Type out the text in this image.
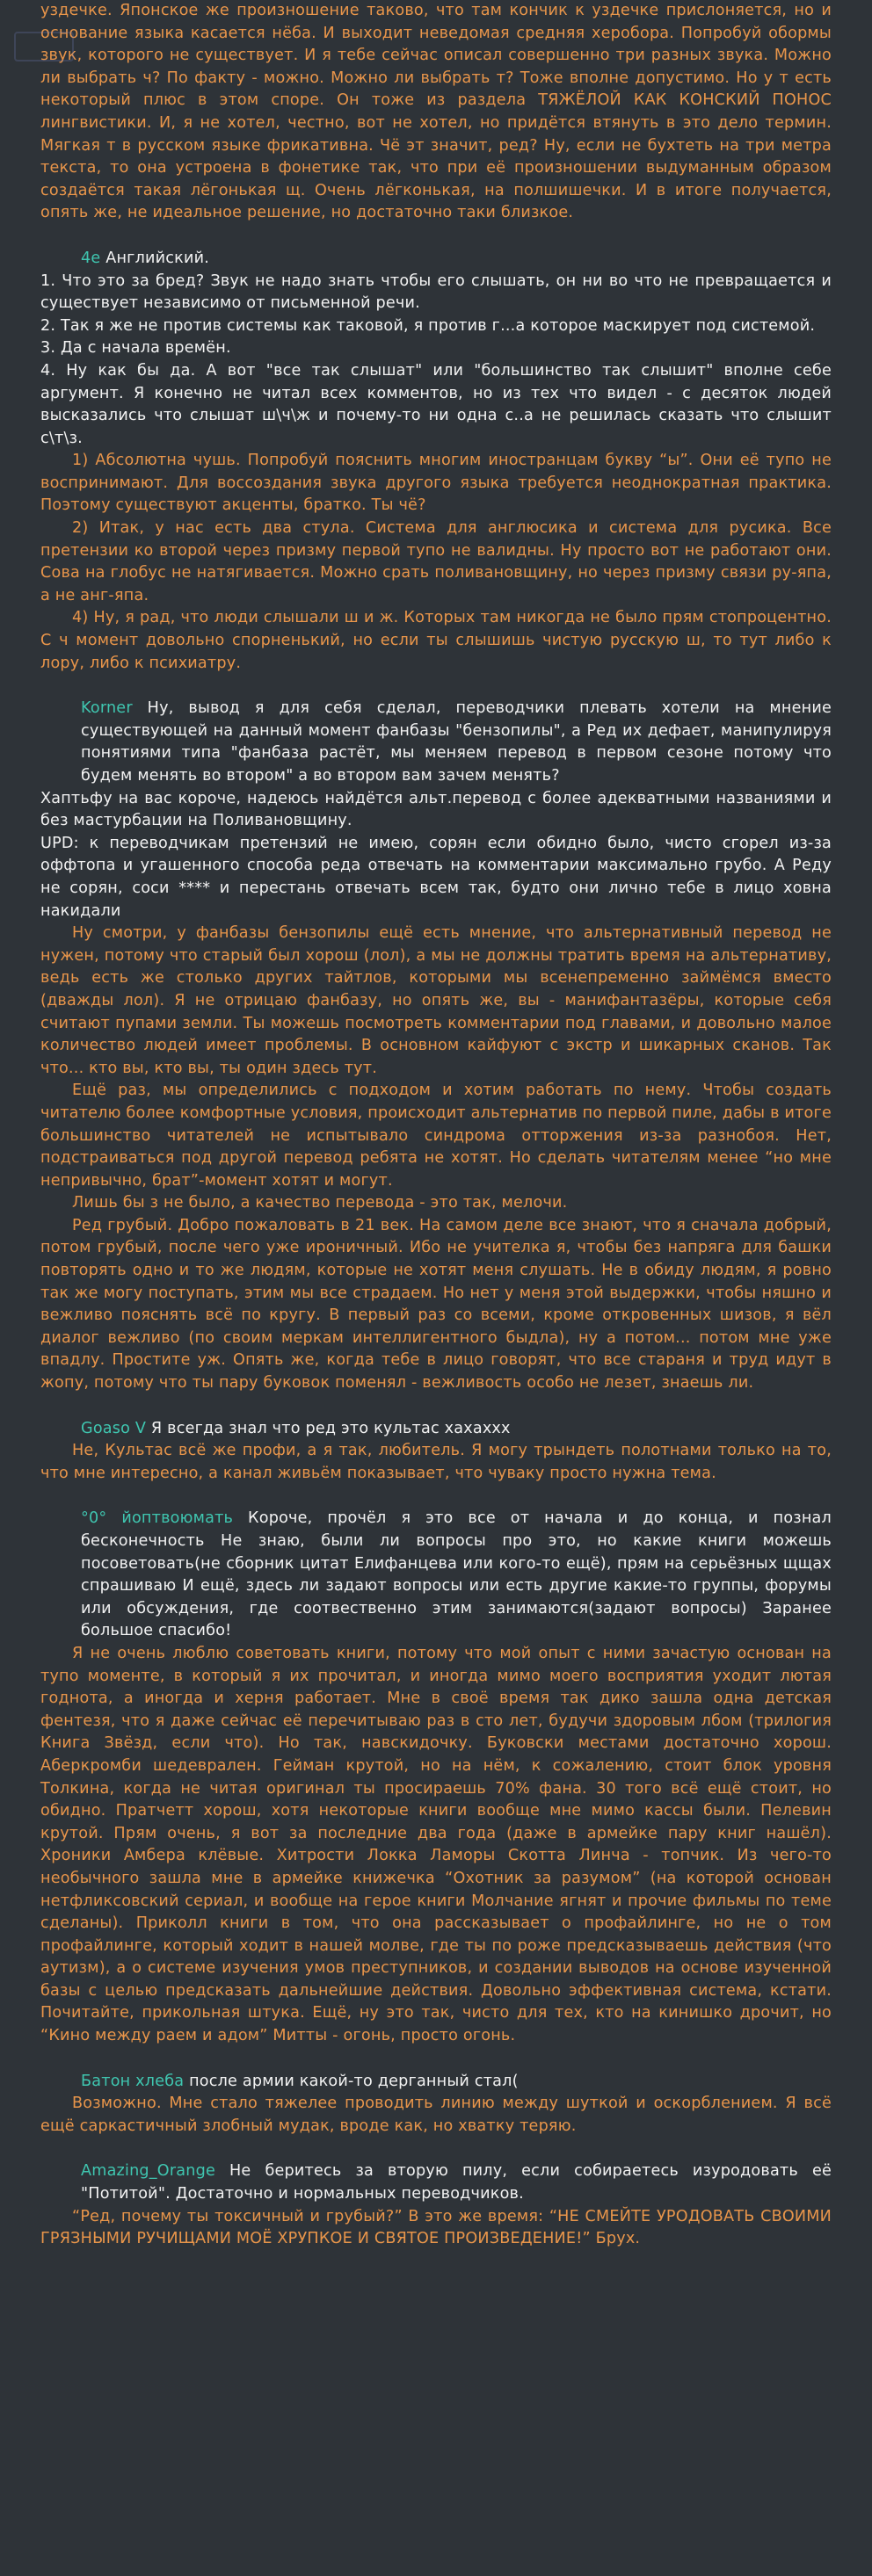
уздечке. Японское же произношение таково, что там кончик к уздечке прислоняется, но и основание языка касается нёба. И выходит неведомая средняя херобора. Попробуй обормы звук, которого не существует. И я тебе сейчас описал совершенно три разных звука. Можно ли выбрать ч? По факту - можно. Можно ли выбрать т? Тоже вполне допустимо. Но у т есть некоторый плюс в этом споре. Он тоже из раздела ТЯЖЁЛОЙ КАК КОНСКИЙ ПОНОС лингвистики. И, я не хотел, честно, вот не хотел, но придётся втянуть в это дело термин. Мягкая т в русском языке фрикативна. Чё эт значит, ред? Ну, если не бухтеть на три метра текста, то она устроена в фонетике так, что при её произношении выдуманным образом создаётся такая лёгонькая щ. Очень лёгконькая, на полшишечки. И в итоге получается, опять же, не идеальное решение, но достаточно таки близкое.

4e Английский.

1. Что это за бред? Звук не надо знать чтобы его слышать, он ни во что не превращается и существует независимо от письменной речи.

2. Так я же не против системы как таковой, я против г...а которое маскирует под системой.

3. Да с начала времён.

4. Ну как бы да. А вот "все так слышат" или "большинство так слышит" вполне себе аргумент. Я конечно не читал всех комментов, но из тех что видел - с десяток людей высказались что слышат ш\ч\ж и почему-то ни одна с..а не решилась сказать что слышит с\т\з.

1) Абсолютна чушь. Попробуй пояснить многим иностранцам букву “ы”. Они её тупо не воспринимают. Для воссоздания звука другого языка требуется неоднократная практика. Поэтому существуют акценты, братко. Ты чё?

2) Итак, у нас есть два стула. Система для англюсика и система для русика. Все претензии ко второй через призму первой тупо не валидны. Ну просто вот не работают они. Сова на глобус не натягивается. Можно срать поливановщину, но через призму связи ру-япа, а не анг-япа.

4) Ну, я рад, что люди слышали ш и ж. Которых там никогда не было прям стопроцентно. С ч момент довольно спорненький, но если ты слышишь чистую русскую ш, то тут либо к лору, либо к психиатру.

Korner Ну, вывод я для себя сделал, переводчики плевать хотели на мнение существующей на данный момент фанбазы "бензопилы", а Ред их дефает, манипулируя понятиями типа "фанбаза растёт, мы меняем перевод в первом сезоне потому что будем менять во втором" а во втором вам зачем менять?

Хаптьфу на вас короче, надеюсь найдётся альт.перевод с более адекватными названиями и без мастурбации на Поливановщину.

UPD: к переводчикам претензий не имею, сорян если обидно было, чисто сгорел из-за оффтопа и угашенного способа реда отвечать на комментарии максимально грубо. А Реду не сорян, соси **** и перестань отвечать всем так, будто они лично тебе в лицо ховна накидали

Ну смотри, у фанбазы бензопилы ещё есть мнение, что альтернативный перевод не нужен, потому что старый был хорош (лол), а мы не должны тратить время на альтернативу, ведь есть же столько других тайтлов, которыми мы всенепременно займёмся вместо (дважды лол). Я не отрицаю фанбазу, но опять же, вы - манифантазёры, которые себя считают пупами земли. Ты можешь посмотреть комментарии под главами, и довольно малое количество людей имеет проблемы. В основном кайфуют с экстр и шикарных сканов. Так что... кто вы, кто вы, ты один здесь тут.

Ещё раз, мы определились с подходом и хотим работать по нему. Чтобы создать читателю более комфортные условия, происходит альтернатив по первой пиле, дабы в итоге большинство читателей не испытывало синдрома отторжения из-за разнобоя. Нет, подстраиваться под другой перевод ребята не хотят. Но сделать читателям менее “но мне непривычно, брат”-момент хотят и могут.

Лишь бы з не было, а качество перевода - это так, мелочи.

Ред грубый. Добро пожаловать в 21 век. На самом деле все знают, что я сначала добрый, потом грубый, после чего уже ироничный. Ибо не учителка я, чтобы без напряга для башки повторять одно и то же людям, которые не хотят меня слушать. Не в обиду людям, я ровно так же могу поступать, этим мы все страдаем. Но нет у меня этой выдержки, чтобы няшно и вежливо пояснять всё по кругу. В первый раз со всеми, кроме откровенных шизов, я вёл диалог вежливо (по своим меркам интеллигентного быдла), ну а потом... потом мне уже впадлу. Простите уж. Опять же, когда тебе в лицо говорят, что все стараня и труд идут в жопу, потому что ты пару буковок поменял - вежливость особо не лезет, знаешь ли.

Goaso V Я всегда знал что ред это культас хахаххх

Не, Культас всё же профи, а я так, любитель. Я могу трындеть полотнами только на то, что мне интересно, а канал живьём показывает, что чуваку просто нужна тема.

°0° йоптвоюмать Короче, прочёл я это все от начала и до конца, и познал бесконечность Не знаю, были ли вопросы про это, но какие книги можешь посоветовать(не сборник цитат Елифанцева или кого-то ещё), прям на серьёзных щщах спрашиваю И ещё, здесь ли задают вопросы или есть другие какие-то группы, форумы или обсуждения, где соотвественно этим занимаются(задают вопросы) Заранее большое спасибо!

Я не очень люблю советовать книги, потому что мой опыт с ними зачастую основан на тупо моменте, в который я их прочитал, и иногда мимо моего восприятия уходит лютая годнота, а иногда и херня работает. Мне в своё время так дико зашла одна детская фентезя, что я даже сейчас её перечитываю раз в сто лет, будучи здоровым лбом (трилогия Книга Звёзд, если что). Но так, навскидочку. Буковски местами достаточно хорош. Аберкромби шедеврален. Гейман крутой, но на нём, к сожалению, стоит блок уровня Толкина, когда не читая оригинал ты просираешь 70% фана. 30 того всё ещё стоит, но обидно. Пратчетт хорош, хотя некоторые книги вообще мне мимо кассы были. Пелевин крутой. Прям очень, я вот за последние два года (даже в армейке пару книг нашёл). Хроники Амбера клёвые. Хитрости Локка Ламоры Скотта Линча - топчик. Из чего-то необычного зашла мне в армейке книжечка “Охотник за разумом” (на которой основан нетфликсовский сериал, и вообще на герое книги Молчание ягнят и прочие фильмы по теме сделаны). Приколл книги в том, что она рассказывает о профайлинге, но не о том профайлинге, который ходит в нашей молве, где ты по роже предсказываешь действия (что аутизм), а о системе изучения умов преступников, и создании выводов на основе изученной базы с целью предсказать дальнейшие действия. Довольно эффективная система, кстати. Почитайте, прикольная штука. Ещё, ну это так, чисто для тех, кто на кинишко дрочит, но “Кино между раем и адом” Митты - огонь, просто огонь.

Батон хлеба после армии какой-то дерганный стал(

Возможно. Мне стало тяжелее проводить линию между шуткой и оскорблением. Я всё ещё саркастичный злобный мудак, вроде как, но хватку теряю.

Amazing_Orange Не беритесь за вторую пилу, если собираетесь изуродовать её "Потитой". Достаточно и нормальных переводчиков.

“Ред, почему ты токсичный и грубый?” В это же время: “НЕ СМЕЙТЕ УРОДОВАТЬ СВОИМИ ГРЯЗНЫМИ РУЧИЩАМИ МОЁ ХРУПКОЕ И СВЯТОЕ ПРОИЗВЕДЕНИЕ!” Брух.
